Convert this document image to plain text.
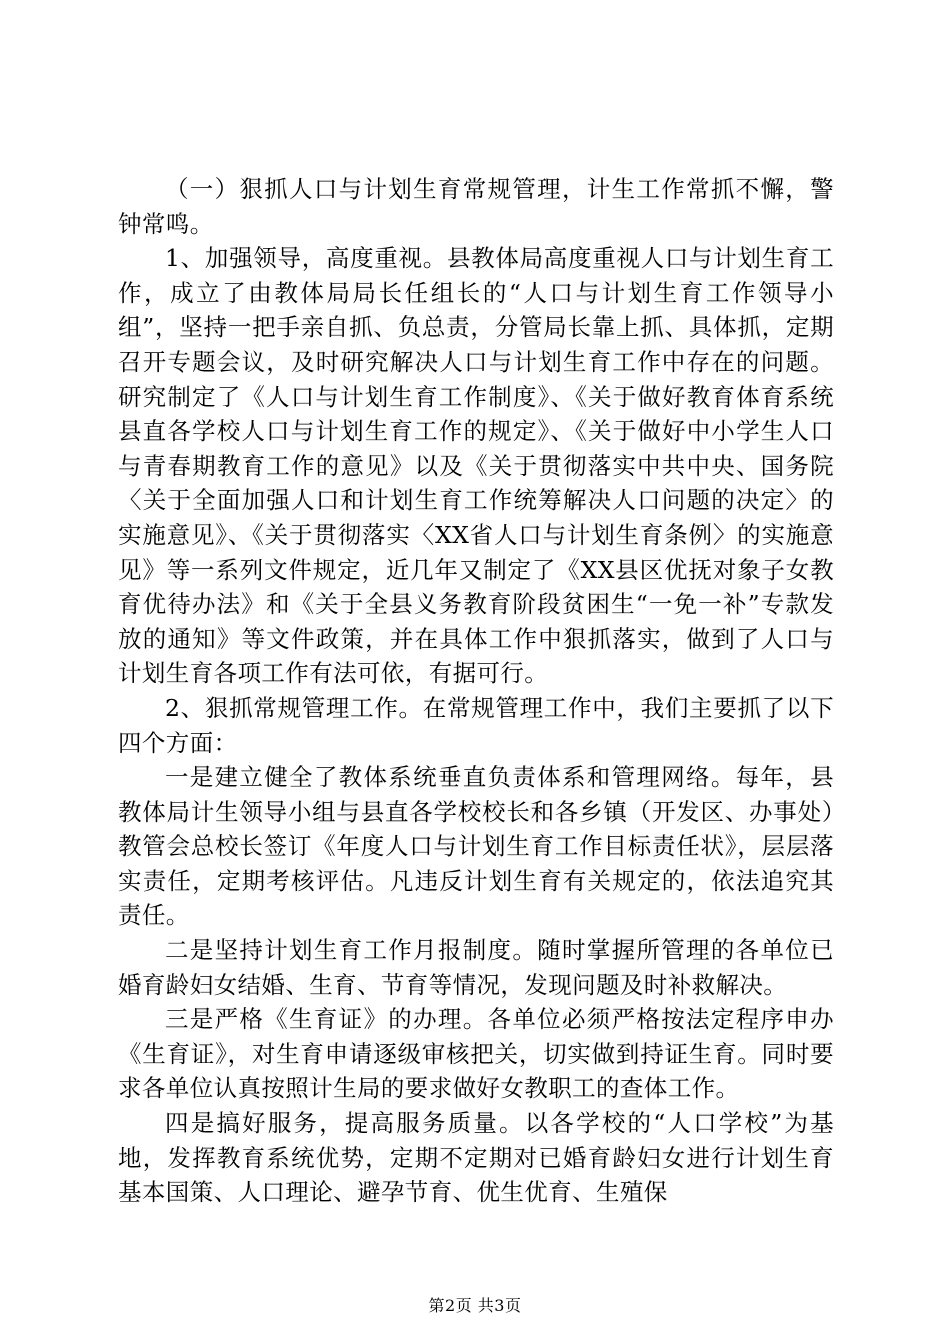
（一）狠抓人口与计划生育常规管理，计生工作常抓不懈，警钟常鸣。

1、加强领导，高度重视。县教体局高度重视人口与计划生育工作，成立了由教体局局长任组长的“人口与计划生育工作领导小组”，坚持一把手亲自抓、负总责，分管局长靠上抓、具体抓，定期召开专题会议，及时研究解决人口与计划生育工作中存在的问题。研究制定了《人口与计划生育工作制度》、《关于做好教育体育系统县直各学校人口与计划生育工作的规定》、《关于做好中小学生人口与青春期教育工作的意见》以及《关于贯彻落实中共中央、国务院〈关于全面加强人口和计划生育工作统筹解决人口问题的决定〉的实施意见》、《关于贯彻落实〈XX省人口与计划生育条例〉的实施意见》等一系列文件规定，近几年又制定了《XX县区优抚对象子女教育优待办法》和《关于全县义务教育阶段贫困生“一免一补”专款发放的通知》等文件政策，并在具体工作中狠抓落实，做到了人口与计划生育各项工作有法可依，有据可行。

2、狠抓常规管理工作。在常规管理工作中，我们主要抓了以下四个方面：

一是建立健全了教体系统垂直负责体系和管理网络。每年，县教体局计生领导小组与县直各学校校长和各乡镇（开发区、办事处）教管会总校长签订《年度人口与计划生育工作目标责任状》，层层落实责任，定期考核评估。凡违反计划生育有关规定的，依法追究其责任。

二是坚持计划生育工作月报制度。随时掌握所管理的各单位已婚育龄妇女结婚、生育、节育等情况，发现问题及时补救解决。

三是严格《生育证》的办理。各单位必须严格按法定程序申办《生育证》，对生育申请逐级审核把关，切实做到持证生育。同时要求各单位认真按照计生局的要求做好女教职工的查体工作。

四是搞好服务，提高服务质量。以各学校的“人口学校”为基地，发挥教育系统优势，定期不定期对已婚育龄妇女进行计划生育基本国策、人口理论、避孕节育、优生优育、生殖保

第2页 共3页
